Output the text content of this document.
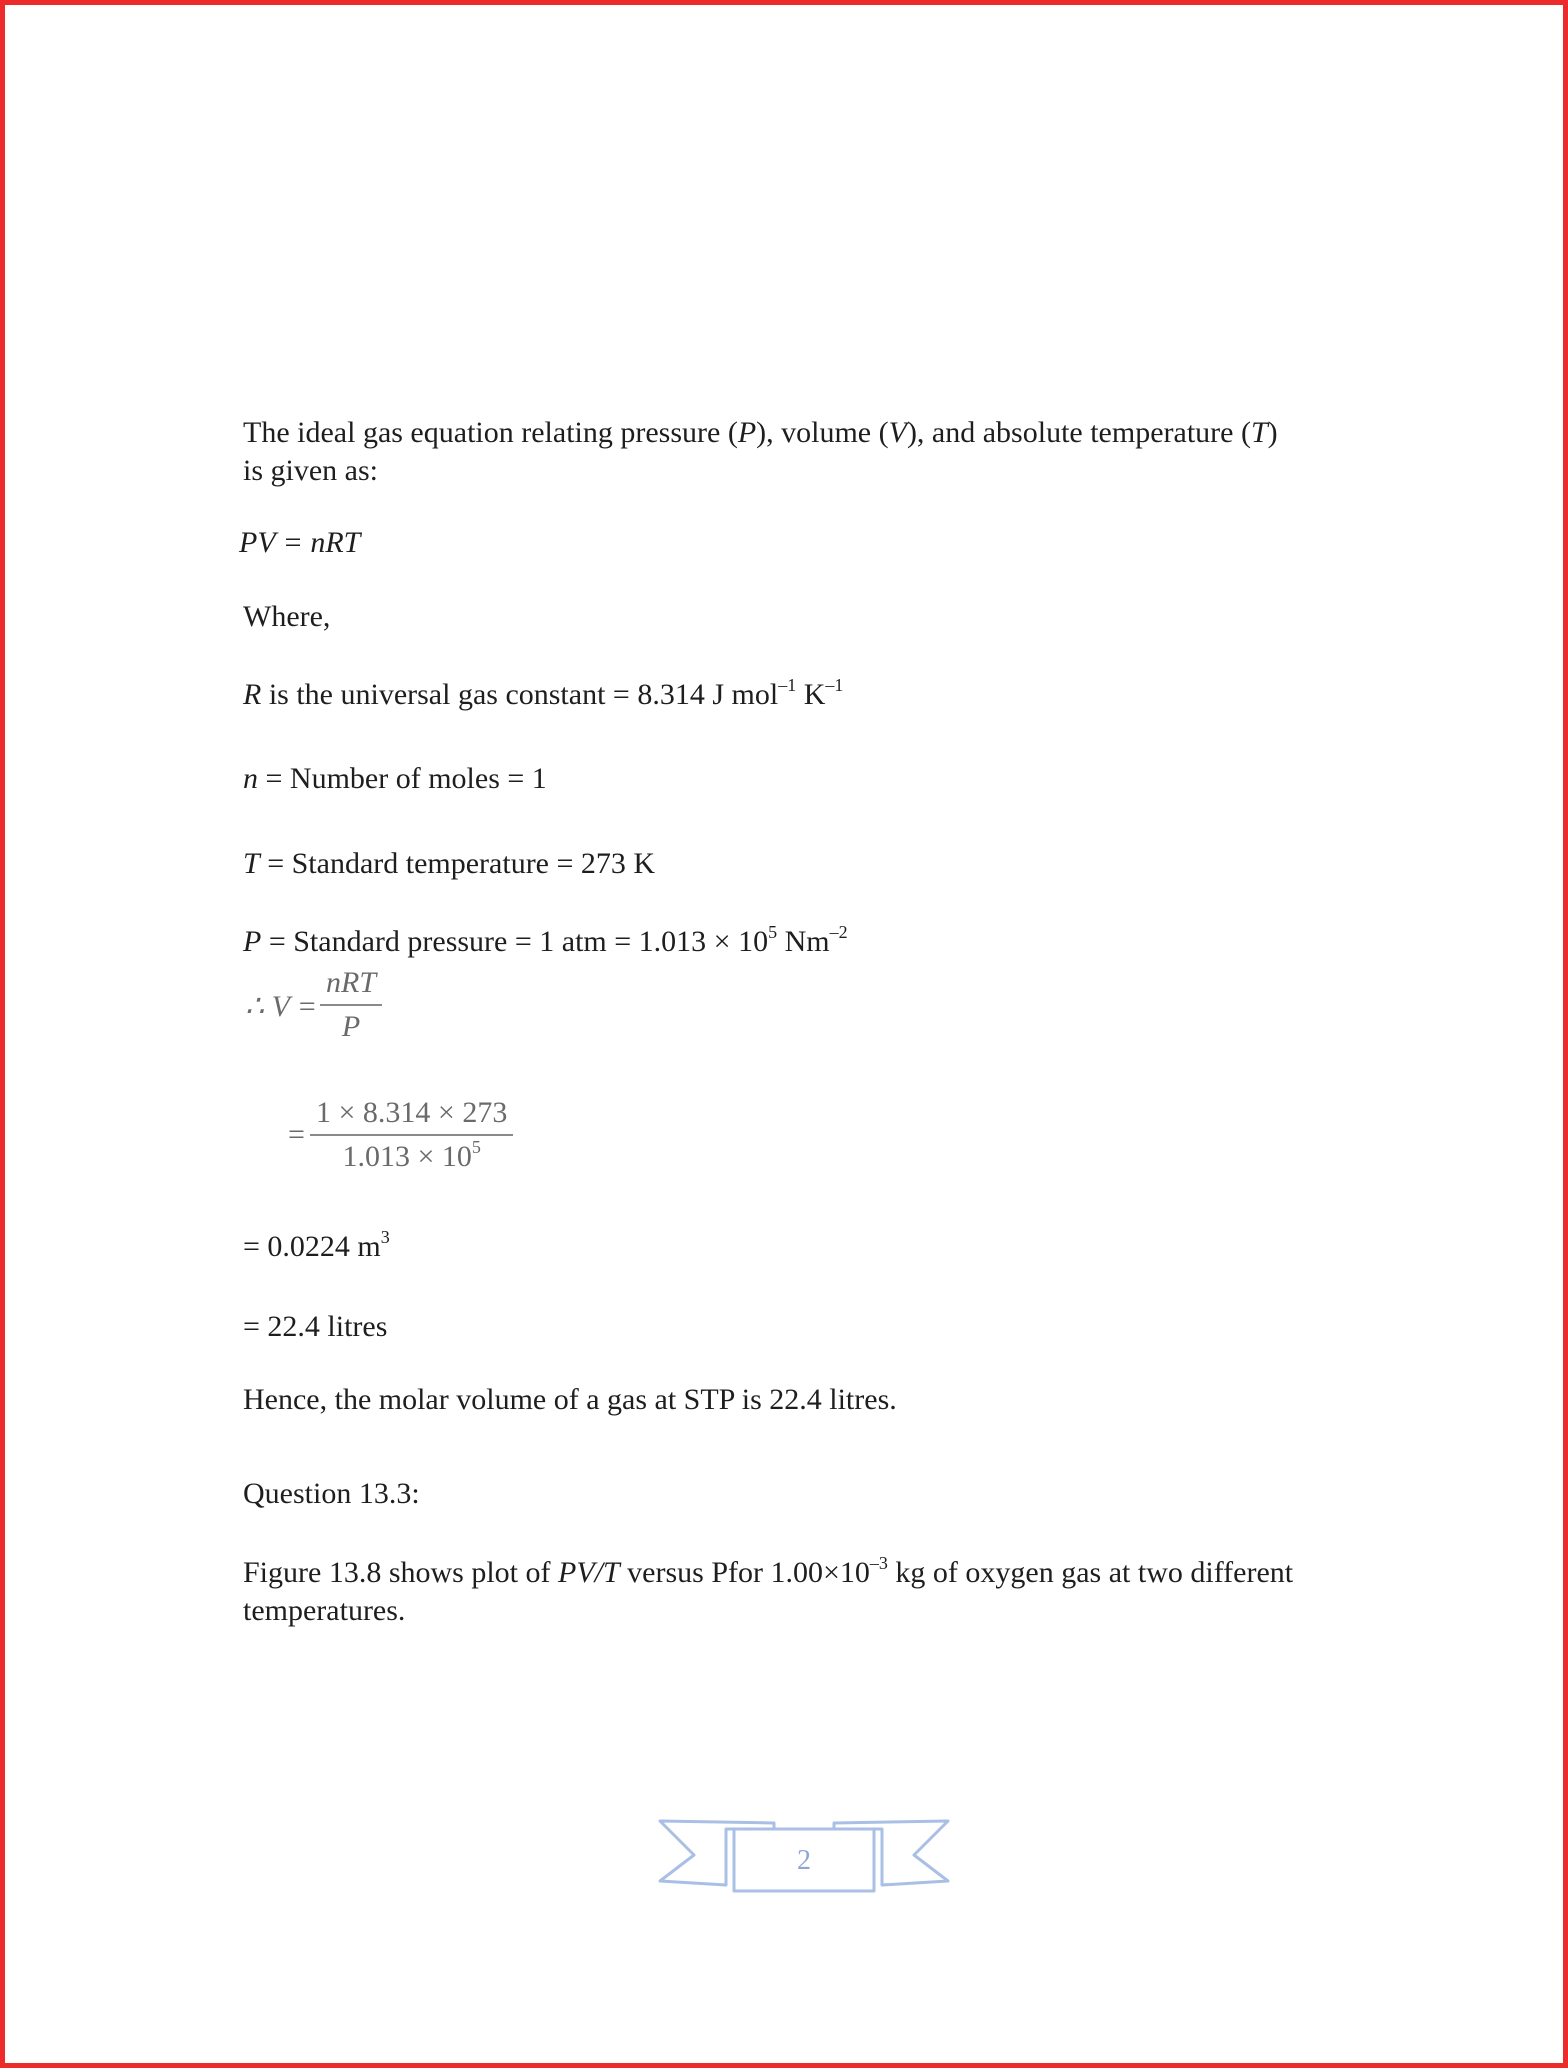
The ideal gas equation relating pressure (P), volume (V), and absolute temperature (T)
is given as:
PV = nRT
Where,
R is the universal gas constant = 8.314 J mol$^{-1}$ $K^{-1}$
n = Number of moles = 1
T = Standard temperature = 273 K
P = Standard pressure = 1 atm = $1.013 \times 10^5$ $Nm^{-2}$
∴ V =
nRT
P
=
1 × 8.314 × 273
$1.013 \times 10^5$
= 0.0224 $m^3$
= 22.4 litres
Hence, the molar volume of a gas at STP is 22.4 litres.
Question 13.3:
Figure 13.8 shows plot of PV/T versus Pfor $1.00\times 10^{-3}$ kg of oxygen gas at two different
temperatures.
2
